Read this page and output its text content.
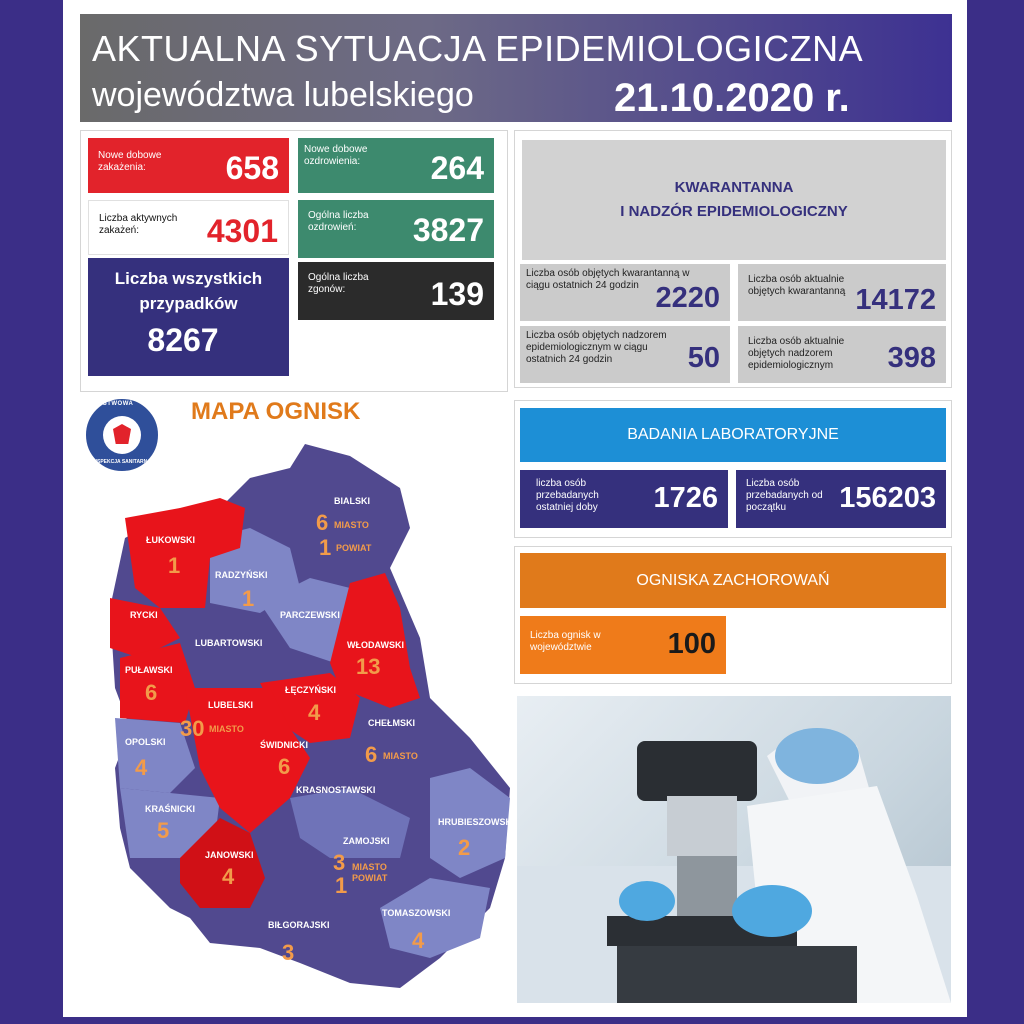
AKTUALNA SYTUACJA EPIDEMIOLOGICZNA
województwa lubelskiego	21.10.2020 r.
Nowe dobowe zakażenia:	658
Liczba aktywnych zakażeń:	4301
Liczba wszystkich przypadków
8267
Nowe dobowe ozdrowienia:	264
Ogólna liczba ozdrowień:	3827
Ogólna liczba zgonów:	139
KWARANTANNA
I NADZÓR EPIDEMIOLOGICZNY
Liczba osób objętych kwarantanną w ciągu ostatnich 24 godzin 2220
Liczba osób aktualnie objętych kwarantanną 14172
Liczba osób objętych nadzorem epidemiologicznym w ciągu ostatnich 24 godzin	50
Liczba osób aktualnie objętych nadzorem epidemiologicznym	398
BADANIA LABORATORYJNE
liczba osób przebadanych ostatniej doby	1726	Liczba osób przebadanych od początku	156203
OGNISKA ZACHOROWAŃ
Liczba ognisk w województwie	100
PAŃSTWOWA
INSPEKCJA SANITARNA
MAPA OGNISK
BIALSKI
6 MIASTO
1 POWIAT
ŁUKOWSKI
1	RADZYŃSKI
1
PARCZEWSKI
RYCKI
LUBARTOWSKI	WŁODAWSKI
13
PUŁAWSKI
6	LUBELSKI
ŁĘCZYŃSKI
4	CHEŁMSKI
6 MIASTO
OPOLSKI
4
30 MIASTO
ŚWIDNICKI
6
KRASNOSTAWSKI
KRAŚNICKI
5	HRUBIESZOWSKI
2
ZAMOJSKI
3 MIASTO
1 POWIAT
JANOWSKI
4
TOMASZOWSKI
4
BIŁGORAJSKI
3
